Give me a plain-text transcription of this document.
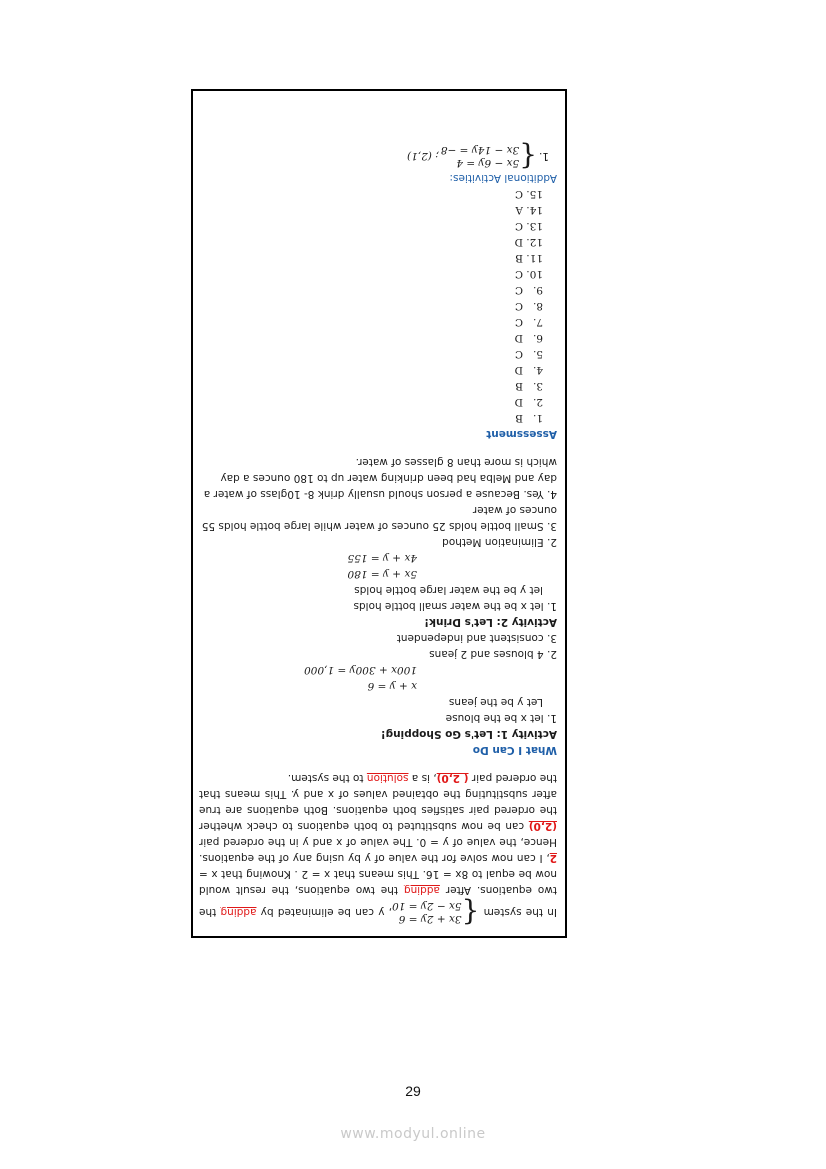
In the system
{
3x + 2y = 6
5x − 2y = 10
, y can be eliminated by adding the two equations. After adding the two equations, the result would now be equal to 8x = 16. This means that x = 2 . Knowing that x = 2, I can now solve for the value of y by using any of the equations. Hence, the value of y = 0. The value of x and y in the ordered pair (2,0) can be now substituted to both equations to check whether the ordered pair satisfies both equations. Both equations are true after substituting the obtained values of x and y. This means that the ordered pair ( 2,0), is a solution to the system.
What I Can Do
Activity 1: Let's Go Shopping!
1. let x be the blouse
Let y be the jeans
x + y = 6
100x + 300y = 1,000
2. 4 blouses and 2 jeans
3. consistent and independent
Activity 2: Let's Drink!
1. let x be the water small bottle holds
let y be the water large bottle holds
5x + y = 180
4x + y = 155
2. Elimination Method
3. Small bottle holds 25 ounces of water while large bottle holds 55 ounces of water
4. Yes. Because a person should usually drink 8- 10glass of water a day and Melba had been drinking water up to 180 ounces a day which is more than 8 glasses of water.
Assessment
1.B
2.D
3.B
4.D
5.C
6.D
7.C
8.C
9.C
10.C
11.B
12.D
13.C
14.A
15.C
Additional Activities:
1.
{
5x − 6y = 4
3x − 14y = −8
; (2,1)
29
www.modyul.online
